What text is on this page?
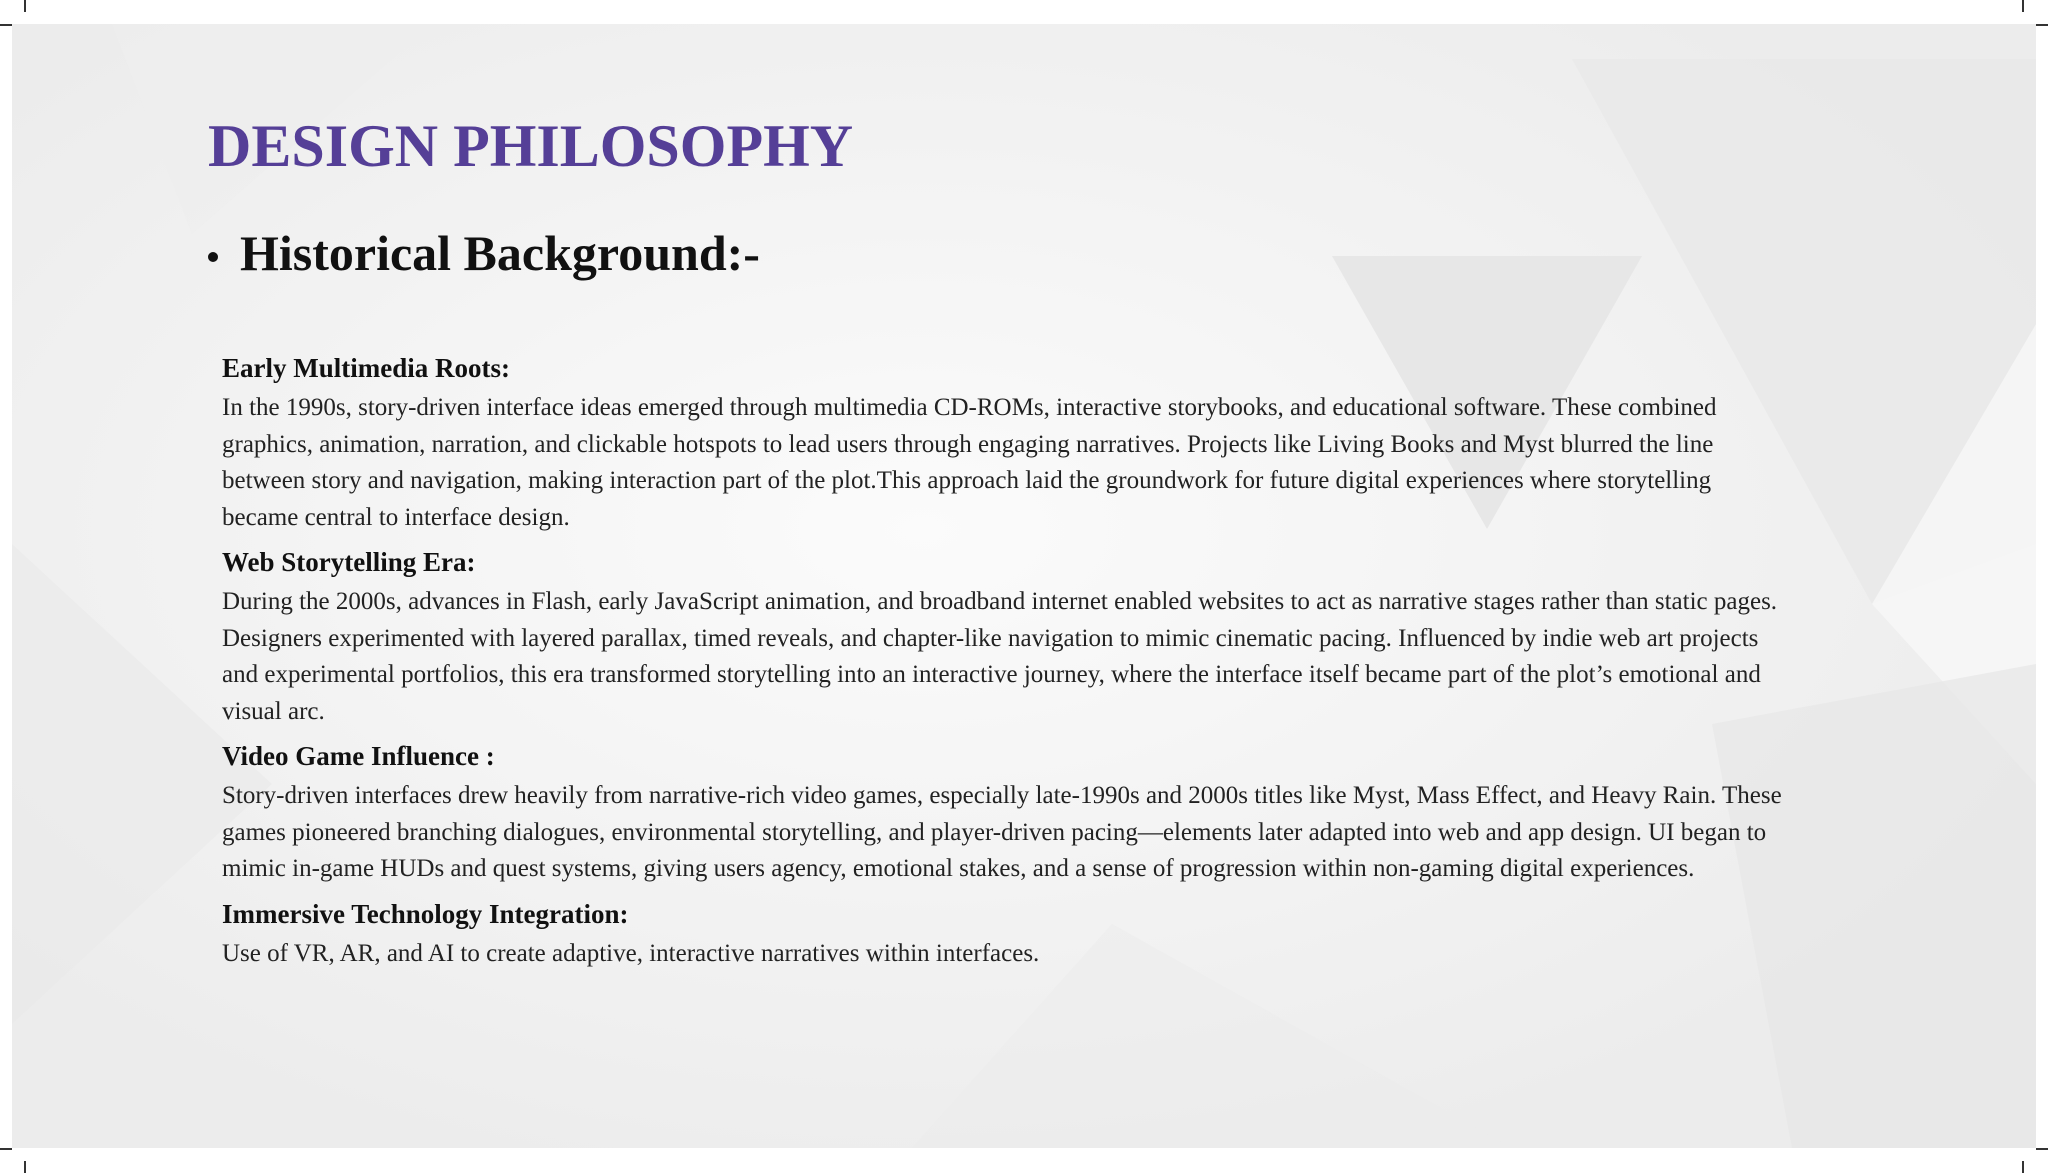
DESIGN PHILOSOPHY
Historical Background:-

Early Multimedia Roots:

In the 1990s, story-driven interface ideas emerged through multimedia CD-ROMs, interactive storybooks, and educational software. These combined graphics, animation, narration, and clickable hotspots to lead users through engaging narratives. Projects like Living Books and Myst blurred the line between story and navigation, making interaction part of the plot.This approach laid the groundwork for future digital experiences where storytelling became central to interface design.

Web Storytelling Era:

During the 2000s, advances in Flash, early JavaScript animation, and broadband internet enabled websites to act as narrative stages rather than static pages. Designers experimented with layered parallax, timed reveals, and chapter-like navigation to mimic cinematic pacing. Influenced by indie web art projects and experimental portfolios, this era transformed storytelling into an interactive journey, where the interface itself became part of the plot’s emotional and visual arc.

Video Game Influence :

Story-driven interfaces drew heavily from narrative-rich video games, especially late-1990s and 2000s titles like Myst, Mass Effect, and Heavy Rain. These games pioneered branching dialogues, environmental storytelling, and player-driven pacing—elements later adapted into web and app design. UI began to mimic in-game HUDs and quest systems, giving users agency, emotional stakes, and a sense of progression within non-gaming digital experiences.

Immersive Technology Integration:

Use of VR, AR, and AI to create adaptive, interactive narratives within interfaces.
